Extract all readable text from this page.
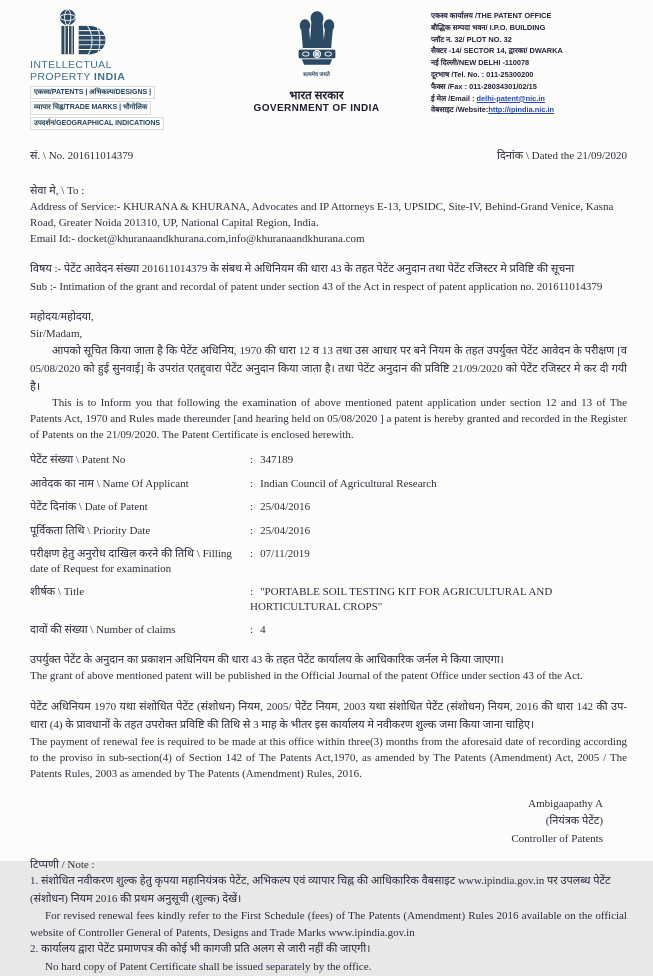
INTELLECTUAL
PROPERTY INDIA
एकस्व/PATENTS | अभिकल्प/DESIGNS |
व्यापार चिह्न/TRADE MARKS | भौगोलिक
उपदर्शन/GEOGRAPHICAL INDICATIONS
सत्यमेव जयते
भारत सरकार
GOVERNMENT OF INDIA
एकस्व कार्यालय /THE PATENT OFFICE
बौद्धिक सम्पदा भवन/ I.P.O. BUILDING
प्लॉट न. 32/ PLOT NO. 32
सैक्टर -14/ SECTOR 14, द्वारका/ DWARKA
नई दिल्ली/NEW DELHI -110078
दूरभाष /Tel. No. : 011-25300200
फैक्स /Fax : 011-28034301/02/15
ई मेल /Email : delhi-patent@nic.in
वेबसाइट /Website:http://ipindia.nic.in
सं. \ No. 201611014379	दिनांक \ Dated the 21/09/2020
सेवा मे, \ To :
Address of Service:- KHURANA & KHURANA, Advocates and IP Attorneys E-13, UPSIDC, Site-IV, Behind-Grand Venice, Kasna Road, Greater Noida 201310, UP, National Capital Region, India.
Email Id:- docket@khuranaandkhurana.com,info@khuranaandkhurana.com
विषय :- पेटेंट आवेदन संख्या 201611014379 के संबध मे अधिनियम की धारा 43 के तहत पेटेंट अनुदान तथा पेटेंट रजिस्टर मे प्रविष्टि की सूचना
Sub :- Intimation of the grant and recordal of patent under section 43 of the Act in respect of patent application no. 201611014379
महोदय/महोदया,
Sir/Madam,

आपको सूचित किया जाता है कि पेटेंट अधिनिय, 1970 की धारा 12 व 13 तथा उस आधार पर बने नियम के तहत उपर्युक्त पेटेंट आवेदन के परीक्षण [व 05/08/2020 को हुई सुनवाई] के उपरांत एतद्द्वारा पेटेंट अनुदान किया जाता है। तथा पेटेंट अनुदान की प्रविष्टि 21/09/2020 को पेटेंट रजिस्टर मे कर दी गयी है।

This is to Inform you that following the examination of above mentioned patent application under section 12 and 13 of The Patents Act, 1970 and Rules made thereunder [and hearing held on 05/08/2020 ] a patent is hereby granted and recorded in the Register of Patents on the 21/09/2020. The Patent Certificate is enclosed herewith.

पेटेंट संख्या \ Patent No	: 347189
आवेदक का नाम \ Name Of Applicant	: Indian Council of Agricultural Research
पेटेंट दिनांक \ Date of Patent	: 25/04/2016
पूर्विकता तिथि \ Priority Date	: 25/04/2016
परीक्षण हेतु अनुरोध दाखिल करने की तिथि \ Filling date of Request for examination
: 07/11/2019
शीर्षक \ Title	: "PORTABLE SOIL TESTING KIT FOR AGRICULTURAL AND HORTICULTURAL CROPS"
दावों की संख्या \ Number of claims	: 4
उपर्युक्त पेटेंट के अनुदान का प्रकाशन अधिनियम की धारा 43 के तहत पेटेंट कार्यालय के आधिकारिक जर्नल मे किया जाएगा।
The grant of above mentioned patent will be published in the Official Journal of the patent Office under section 43 of the Act.
पेटेंट अधिनियम 1970 यथा संशोधित पेटेंट (संशोधन) नियम, 2005/ पेटेंट नियम, 2003 यथा संशोधित पेटेंट (संशोधन) नियम, 2016 की धारा 142 की उप-धारा (4) के प्रावधानों के तहत उपरोक्त प्रविष्टि की तिथि से 3 माह के भीतर इस कार्यालय मे नवीकरण शुल्क जमा किया जाना चाहिए।
The payment of renewal fee is required to be made at this office within three(3) months from the aforesaid date of recording according to the proviso in sub-section(4) of Section 142 of The Patents Act,1970, as amended by The Patents (Amendment) Act, 2005 / The Patents Rules, 2003 as amended by The Patents (Amendment) Rules, 2016.
Ambigaapathy A
(नियंत्रक पेटेंट)
Controller of Patents
टिप्पणी / Note :
1. संशोधित नवीकरण शुल्क हेतु कृपया महानियंत्रक पेटेंट, अभिकल्प एवं व्यापार चिह्न की आधिकारिक वैबसाइट www.ipindia.gov.in पर उपलब्ध पेटेंट (संशोधन) नियम 2016 की प्रथम अनुसूची (शुल्क) देखें।
For revised renewal fees kindly refer to the First Schedule (fees) of The Patents (Amendment) Rules 2016 available on the official website of Controller General of Patents, Designs and Trade Marks www.ipindia.gov.in
2. कार्यालय द्वारा पेटेंट प्रमाणपत्र की कोई भी कागजी प्रति अलग से जारी नहीं की जाएगी।
No hard copy of Patent Certificate shall be issued separately by the office.
